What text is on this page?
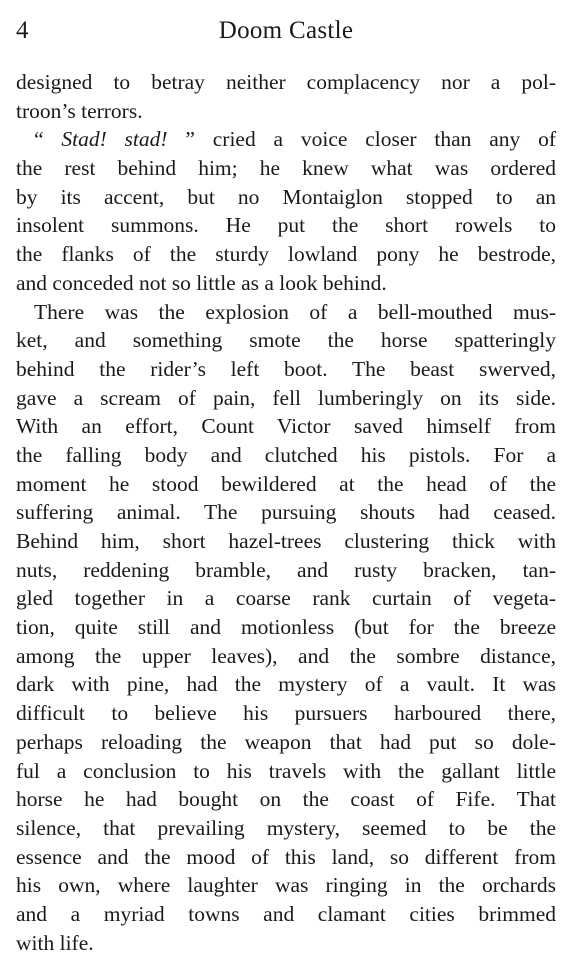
4	Doom Castle
designed to betray neither complacency nor a pol-
troon’s terrors.
“ Stad! stad! ” cried a voice closer than any of
the rest behind him; he knew what was ordered
by its accent, but no Montaiglon stopped to an
insolent summons. He put the short rowels to
the flanks of the sturdy lowland pony he bestrode,
and conceded not so little as a look behind.
There was the explosion of a bell-mouthed mus-
ket, and something smote the horse spatteringly
behind the rider’s left boot. The beast swerved,
gave a scream of pain, fell lumberingly on its side.
With an effort, Count Victor saved himself from
the falling body and clutched his pistols. For a
moment he stood bewildered at the head of the
suffering animal. The pursuing shouts had ceased.
Behind him, short hazel-trees clustering thick with
nuts, reddening bramble, and rusty bracken, tan-
gled together in a coarse rank curtain of vegeta-
tion, quite still and motionless (but for the breeze
among the upper leaves), and the sombre distance,
dark with pine, had the mystery of a vault. It was
difficult to believe his pursuers harboured there,
perhaps reloading the weapon that had put so dole-
ful a conclusion to his travels with the gallant little
horse he had bought on the coast of Fife. That
silence, that prevailing mystery, seemed to be the
essence and the mood of this land, so different from
his own, where laughter was ringing in the orchards
and a myriad towns and clamant cities brimmed
with life.
